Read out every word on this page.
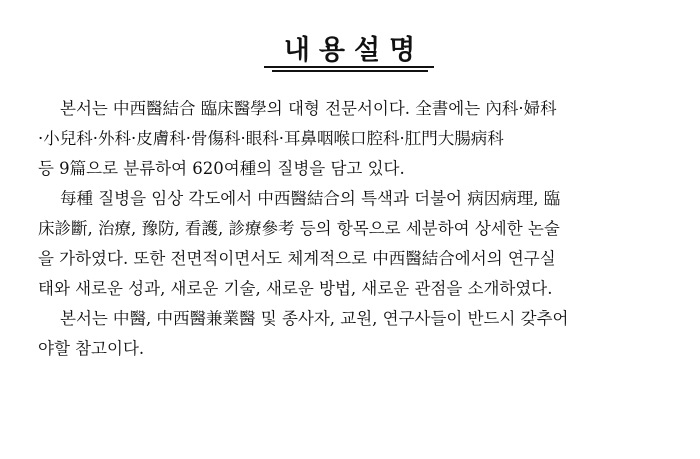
내용설명

본서는 中西醫結合 臨床醫學의 대형 전문서이다. 全書에는 內科·婦科
·小兒科·外科·皮膚科·骨傷科·眼科·耳鼻咽喉口腔科·肛門大腸病科
등 9篇으로 분류하여 620여種의 질병을 담고 있다.

每種 질병을 임상 각도에서 中西醫結合의 특색과 더불어 病因病理, 臨
床診斷, 治療, 豫防, 看護, 診療參考 등의 항목으로 세분하여 상세한 논술
을 가하였다. 또한 전면적이면서도 체계적으로 中西醫結合에서의 연구실
태와 새로운 성과, 새로운 기술, 새로운 방법, 새로운 관점을 소개하였다.

본서는 中醫, 中西醫兼業醫 및 종사자, 교원, 연구사들이 반드시 갖추어
야할 참고이다.
